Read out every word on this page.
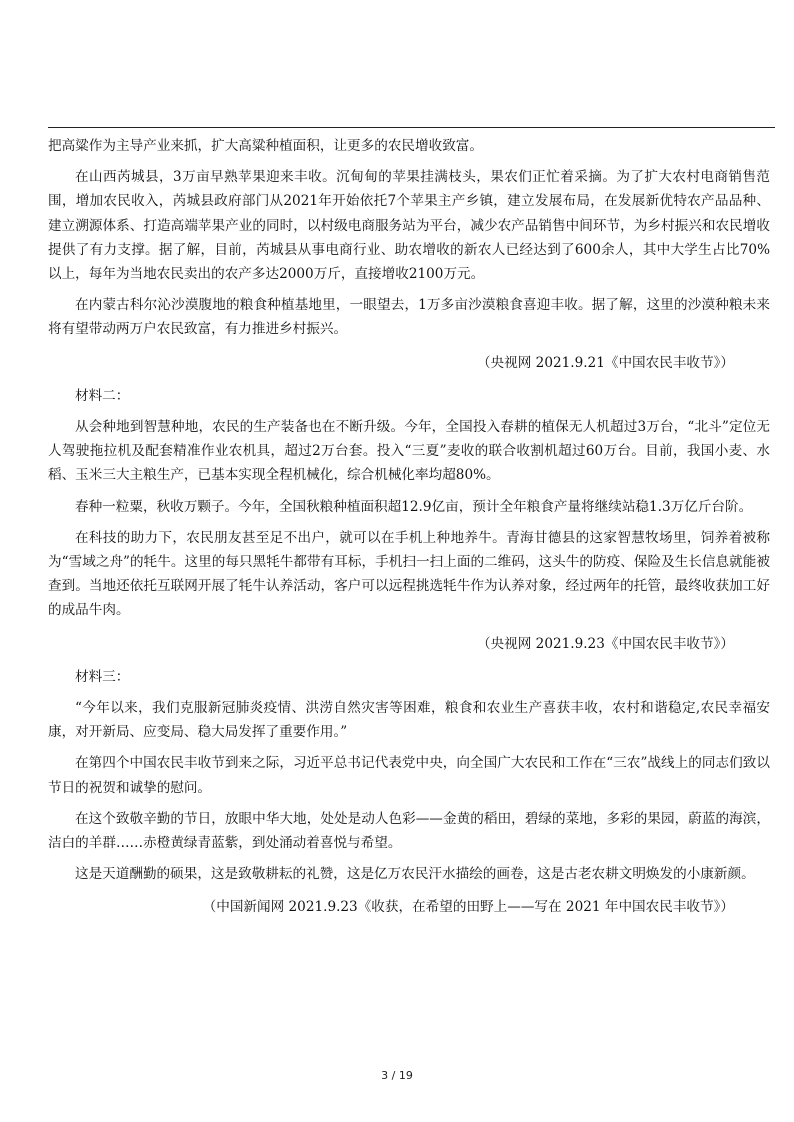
把高粱作为主导产业来抓，扩大高粱种植面积，让更多的农民增收致富。

在山西芮城县，3万亩早熟苹果迎来丰收。沉甸甸的苹果挂满枝头，果农们正忙着采摘。为了扩大农村电商销售范围，增加农民收入，芮城县政府部门从2021年开始依托7个苹果主产乡镇，建立发展布局，在发展新优特农产品品种、建立溯源体系、打造高端苹果产业的同时，以村级电商服务站为平台，减少农产品销售中间环节，为乡村振兴和农民增收提供了有力支撑。据了解，目前，芮城县从事电商行业、助农增收的新农人已经达到了600余人，其中大学生占比70%以上，每年为当地农民卖出的农产多达2000万斤，直接增收2100万元。

在内蒙古科尔沁沙漠腹地的粮食种植基地里，一眼望去，1万多亩沙漠粮食喜迎丰收。据了解，这里的沙漠种粮未来将有望带动两万户农民致富，有力推进乡村振兴。

（央视网 2021.9.21《中国农民丰收节》）

材料二：

从会种地到智慧种地，农民的生产装备也在不断升级。今年，全国投入春耕的植保无人机超过3万台，“北斗”定位无人驾驶拖拉机及配套精准作业农机具，超过2万台套。投入“三夏”麦收的联合收割机超过60万台。目前，我国小麦、水稻、玉米三大主粮生产，已基本实现全程机械化，综合机械化率均超80%。

春种一粒粟，秋收万颗子。今年，全国秋粮种植面积超12.9亿亩，预计全年粮食产量将继续站稳1.3万亿斤台阶。

在科技的助力下，农民朋友甚至足不出户，就可以在手机上种地养牛。青海甘德县的这家智慧牧场里，饲养着被称为“雪域之舟”的牦牛。这里的每只黑牦牛都带有耳标，手机扫一扫上面的二维码，这头牛的防疫、保险及生长信息就能被查到。当地还依托互联网开展了牦牛认养活动，客户可以远程挑选牦牛作为认养对象，经过两年的托管，最终收获加工好的成品牛肉。

（央视网 2021.9.23《中国农民丰收节》）

材料三：

“今年以来，我们克服新冠肺炎疫情、洪涝自然灾害等困难，粮食和农业生产喜获丰收，农村和谐稳定,农民幸福安康，对开新局、应变局、稳大局发挥了重要作用。”

在第四个中国农民丰收节到来之际，习近平总书记代表党中央，向全国广大农民和工作在“三农”战线上的同志们致以节日的祝贺和诚挚的慰问。

在这个致敬辛勤的节日，放眼中华大地，处处是动人色彩——金黄的稻田，碧绿的菜地，多彩的果园，蔚蓝的海滨，洁白的羊群……赤橙黄绿青蓝紫，到处涌动着喜悦与希望。

这是天道酬勤的硕果，这是致敬耕耘的礼赞，这是亿万农民汗水描绘的画卷，这是古老农耕文明焕发的小康新颜。

（中国新闻网 2021.9.23《收获，在希望的田野上——写在 2021 年中国农民丰收节》）

3 / 19
